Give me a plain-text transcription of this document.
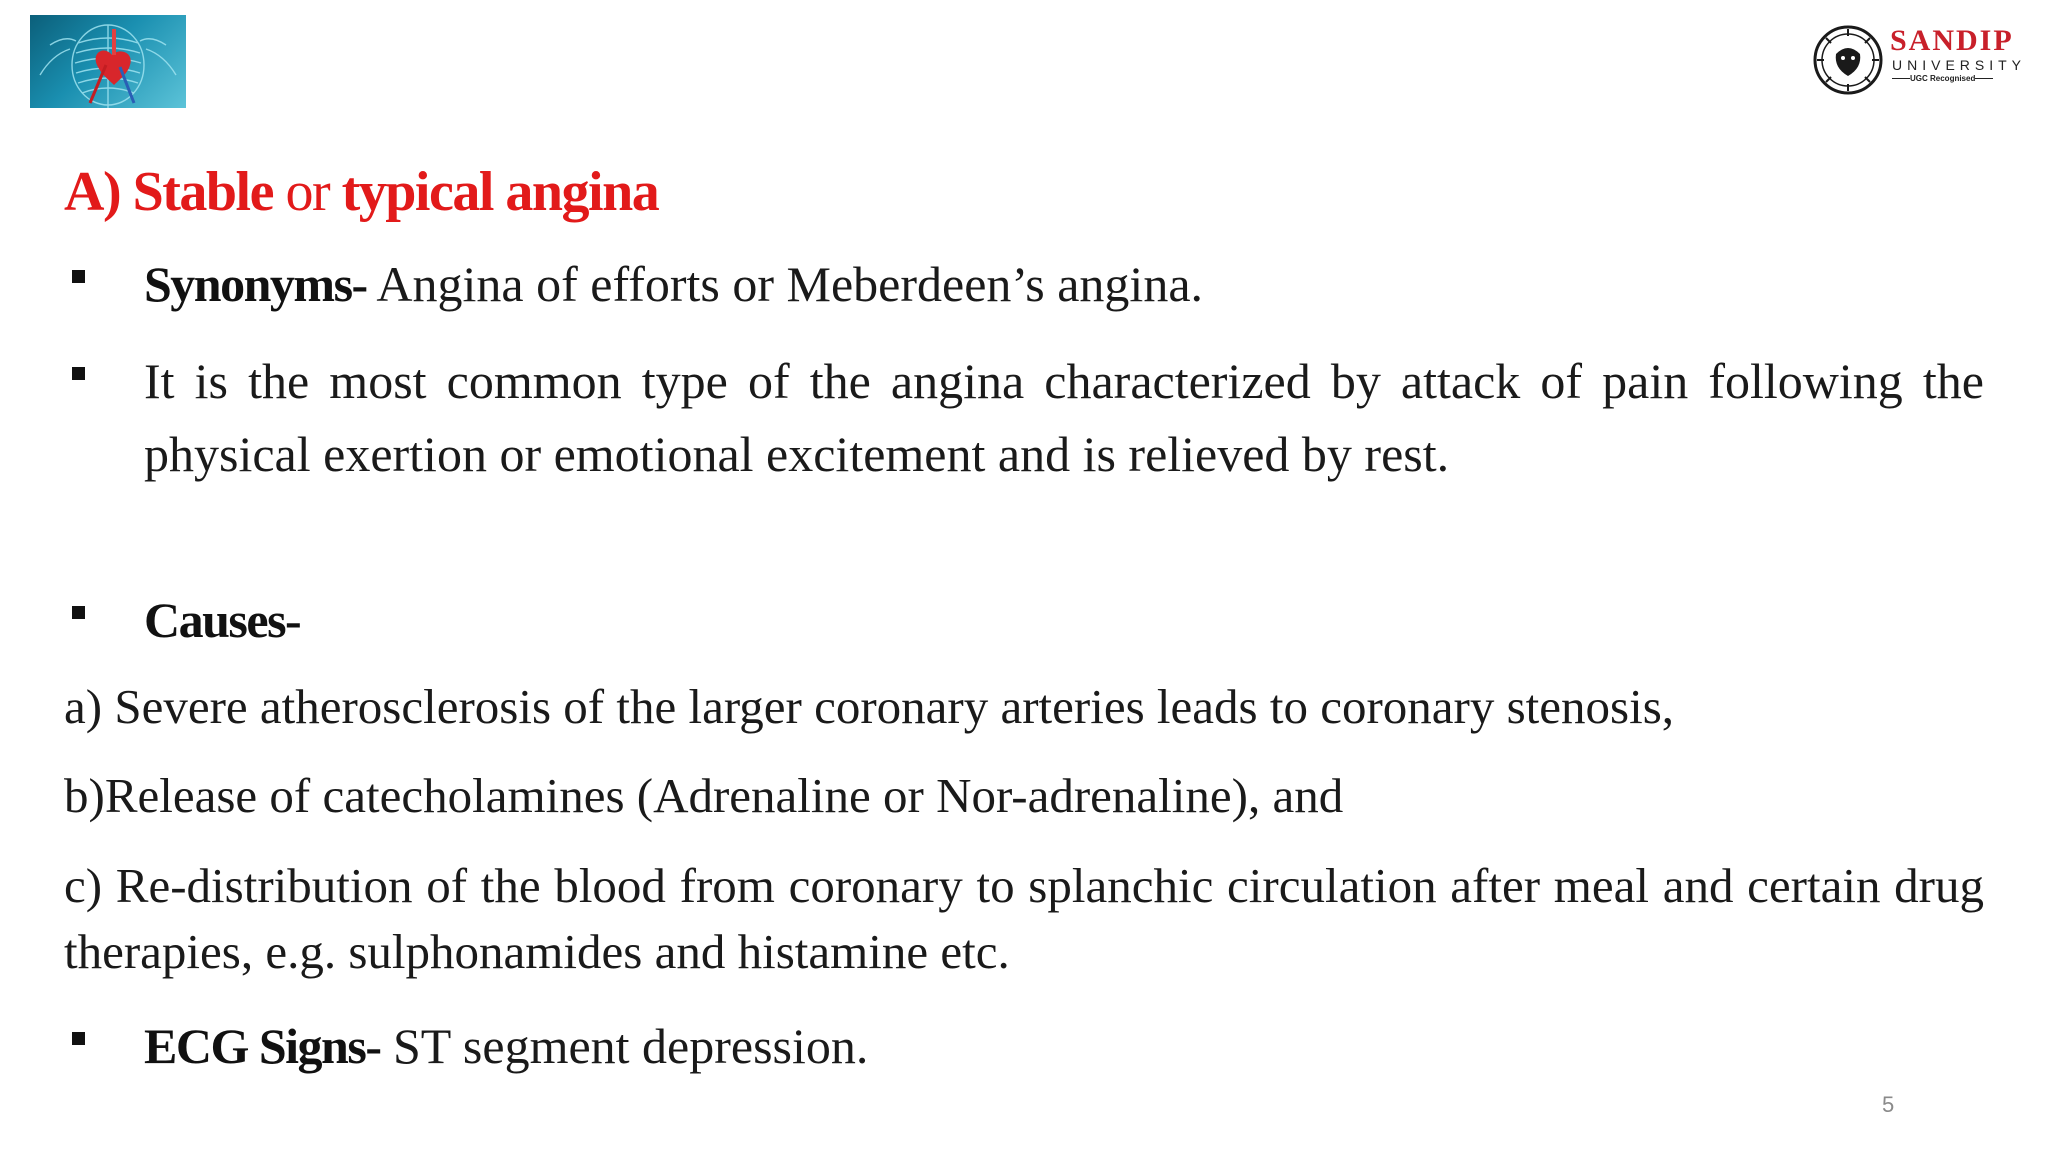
SANDIP
UNIVERSITY
UGC Recognised
A) Stable or typical angina
Synonyms- Angina of efforts or Meberdeen’s angina.
It is the most common type of the angina characterized by attack of pain following the physical exertion or emotional excitement and is relieved by rest.
Causes-
a) Severe atherosclerosis of the larger coronary arteries leads to coronary stenosis,
b)Release of catecholamines (Adrenaline or Nor-adrenaline), and
c) Re-distribution of the blood from coronary to splanchic circulation after meal and certain drug therapies, e.g. sulphonamides and histamine etc.
ECG Signs- ST segment depression.
5
